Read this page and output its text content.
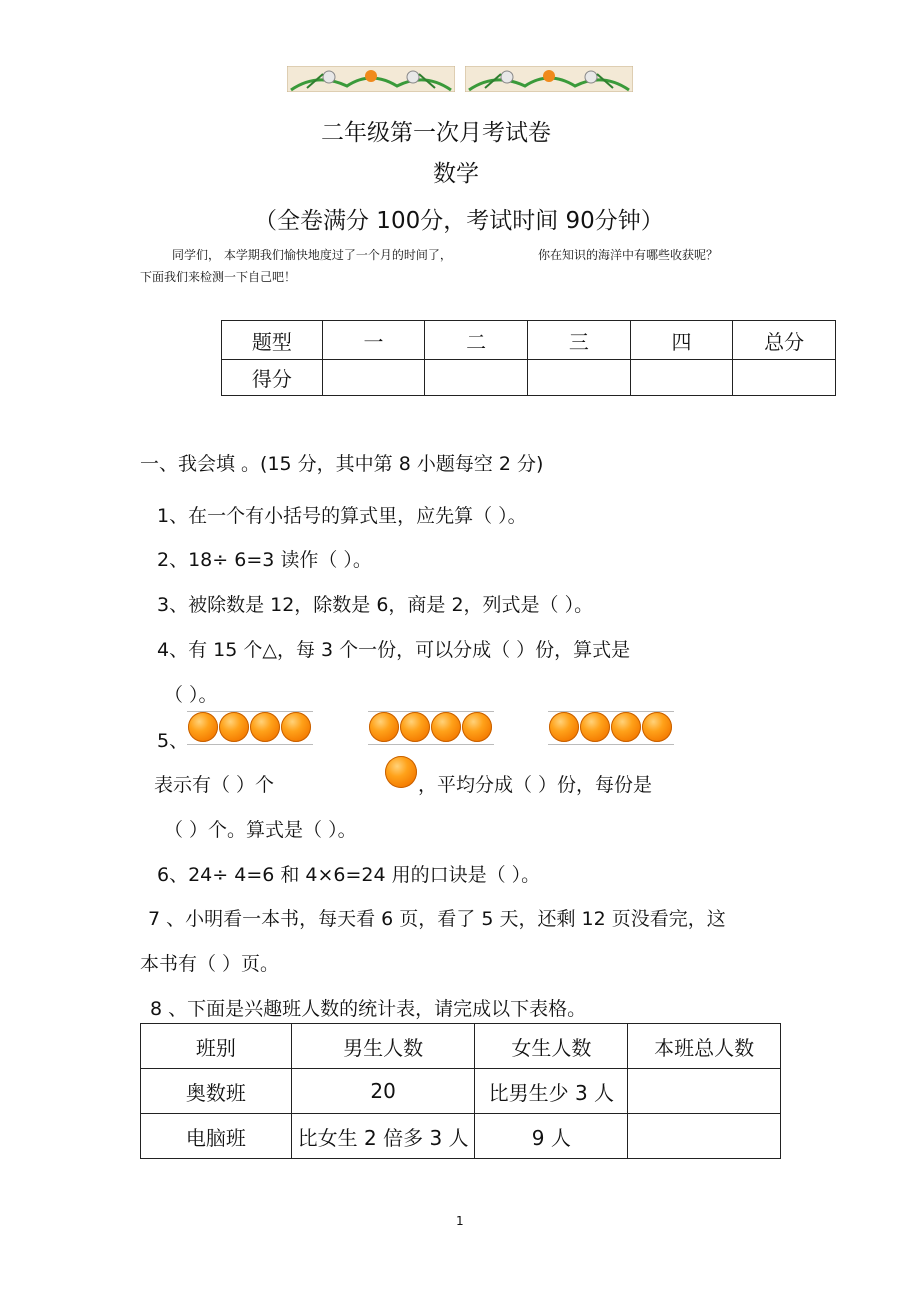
二年级第一次月考试卷
数学
（全卷满分 100分，考试时间 90分钟）
同学们， 本学期我们愉快地度过了一个月的时间了，	你在知识的海洋中有哪些收获呢？
下面我们来检测一下自己吧！
题型	一	二	三	四	总分
得分					
一、我会填 。(15 分，其中第 8 小题每空 2 分)
1、在一个有小括号的算式里，应先算（ ）。
2、18÷ 6=3 读作（ ）。
3、被除数是 12，除数是 6，商是 2，列式是（ ）。
4、有 15 个△，每 3 个一份，可以分成（ ）份，算式是
（ ）。
5、
表示有（ ）个	，平均分成（ ）份，每份是
（ ）个。算式是（ ）。
6、24÷ 4=6 和 4×6=24 用的口诀是（ ）。
7 、小明看一本书，每天看 6 页，看了 5 天，还剩 12 页没看完，这
本书有（ ）页。
8 、下面是兴趣班人数的统计表，请完成以下表格。
班别	男生人数	女生人数	本班总人数
奥数班	20	比男生少 3 人	
电脑班	比女生 2 倍多 3 人	9 人	
1
